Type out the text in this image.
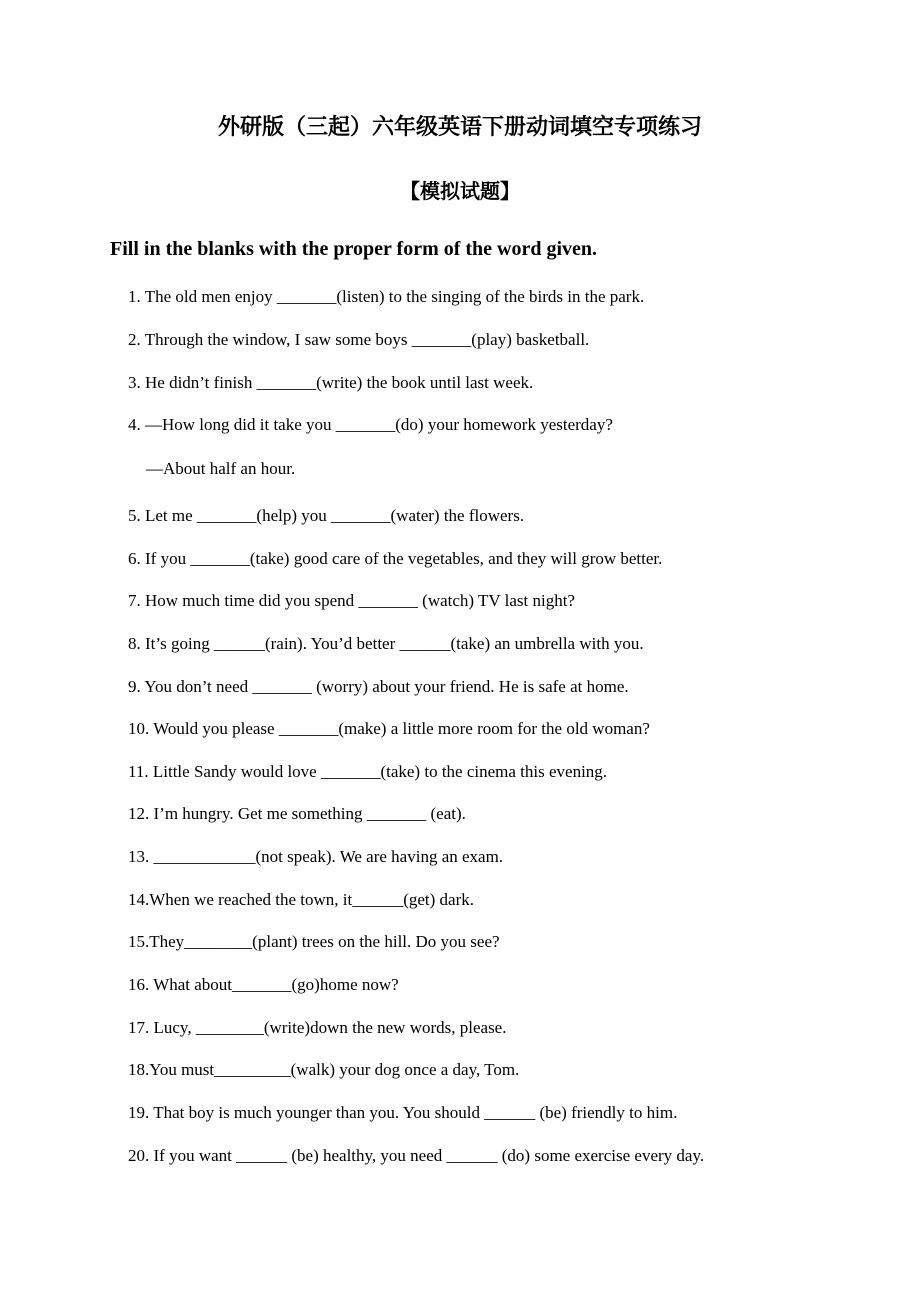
外研版（三起）六年级英语下册动词填空专项练习
【模拟试题】

Fill in the blanks with the proper form of the word given.

1. The old men enjoy _______(listen) to the singing of the birds in the park.

2. Through the window, I saw some boys _______(play) basketball.

3. He didn’t finish _______(write) the book until last week.

4. —How long did it take you _______(do) your homework yesterday?

—About half an hour.

5. Let me _______(help) you _______(water) the flowers.

6. If you _______(take) good care of the vegetables, and they will grow better.

7. How much time did you spend _______ (watch) TV last night?

8. It’s going ______(rain). You’d better ______(take) an umbrella with you.

9. You don’t need _______ (worry) about your friend. He is safe at home.

10. Would you please _______(make) a little more room for the old woman?

11. Little Sandy would love _______(take) to the cinema this evening.

12. I’m hungry. Get me something _______ (eat).

13. ____________(not speak). We are having an exam.

14.When we reached the town, it______(get) dark.

15.They________(plant) trees on the hill. Do you see?

16. What about_______(go)home now?

17. Lucy, ________(write)down the new words, please.

18.You must_________(walk) your dog once a day, Tom.

19. That boy is much younger than you. You should ______ (be) friendly to him.

20. If you want ______ (be) healthy, you need ______ (do) some exercise every day.
